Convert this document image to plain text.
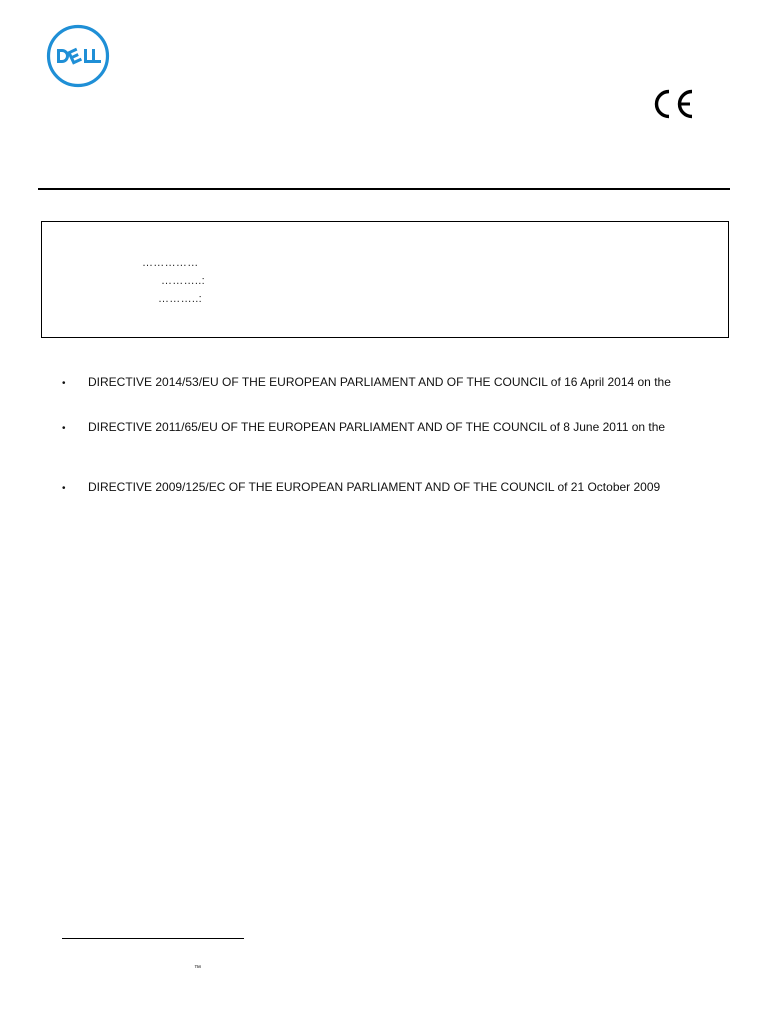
……………
………..:
………..:
•	DIRECTIVE 2014/53/EU OF THE EUROPEAN PARLIAMENT AND OF THE COUNCIL of 16 April 2014 on the
•	DIRECTIVE 2011/65/EU OF THE EUROPEAN PARLIAMENT AND OF THE COUNCIL of 8 June 2011 on the
•	DIRECTIVE 2009/125/EC OF THE EUROPEAN PARLIAMENT AND OF THE COUNCIL of 21 October 2009
™
